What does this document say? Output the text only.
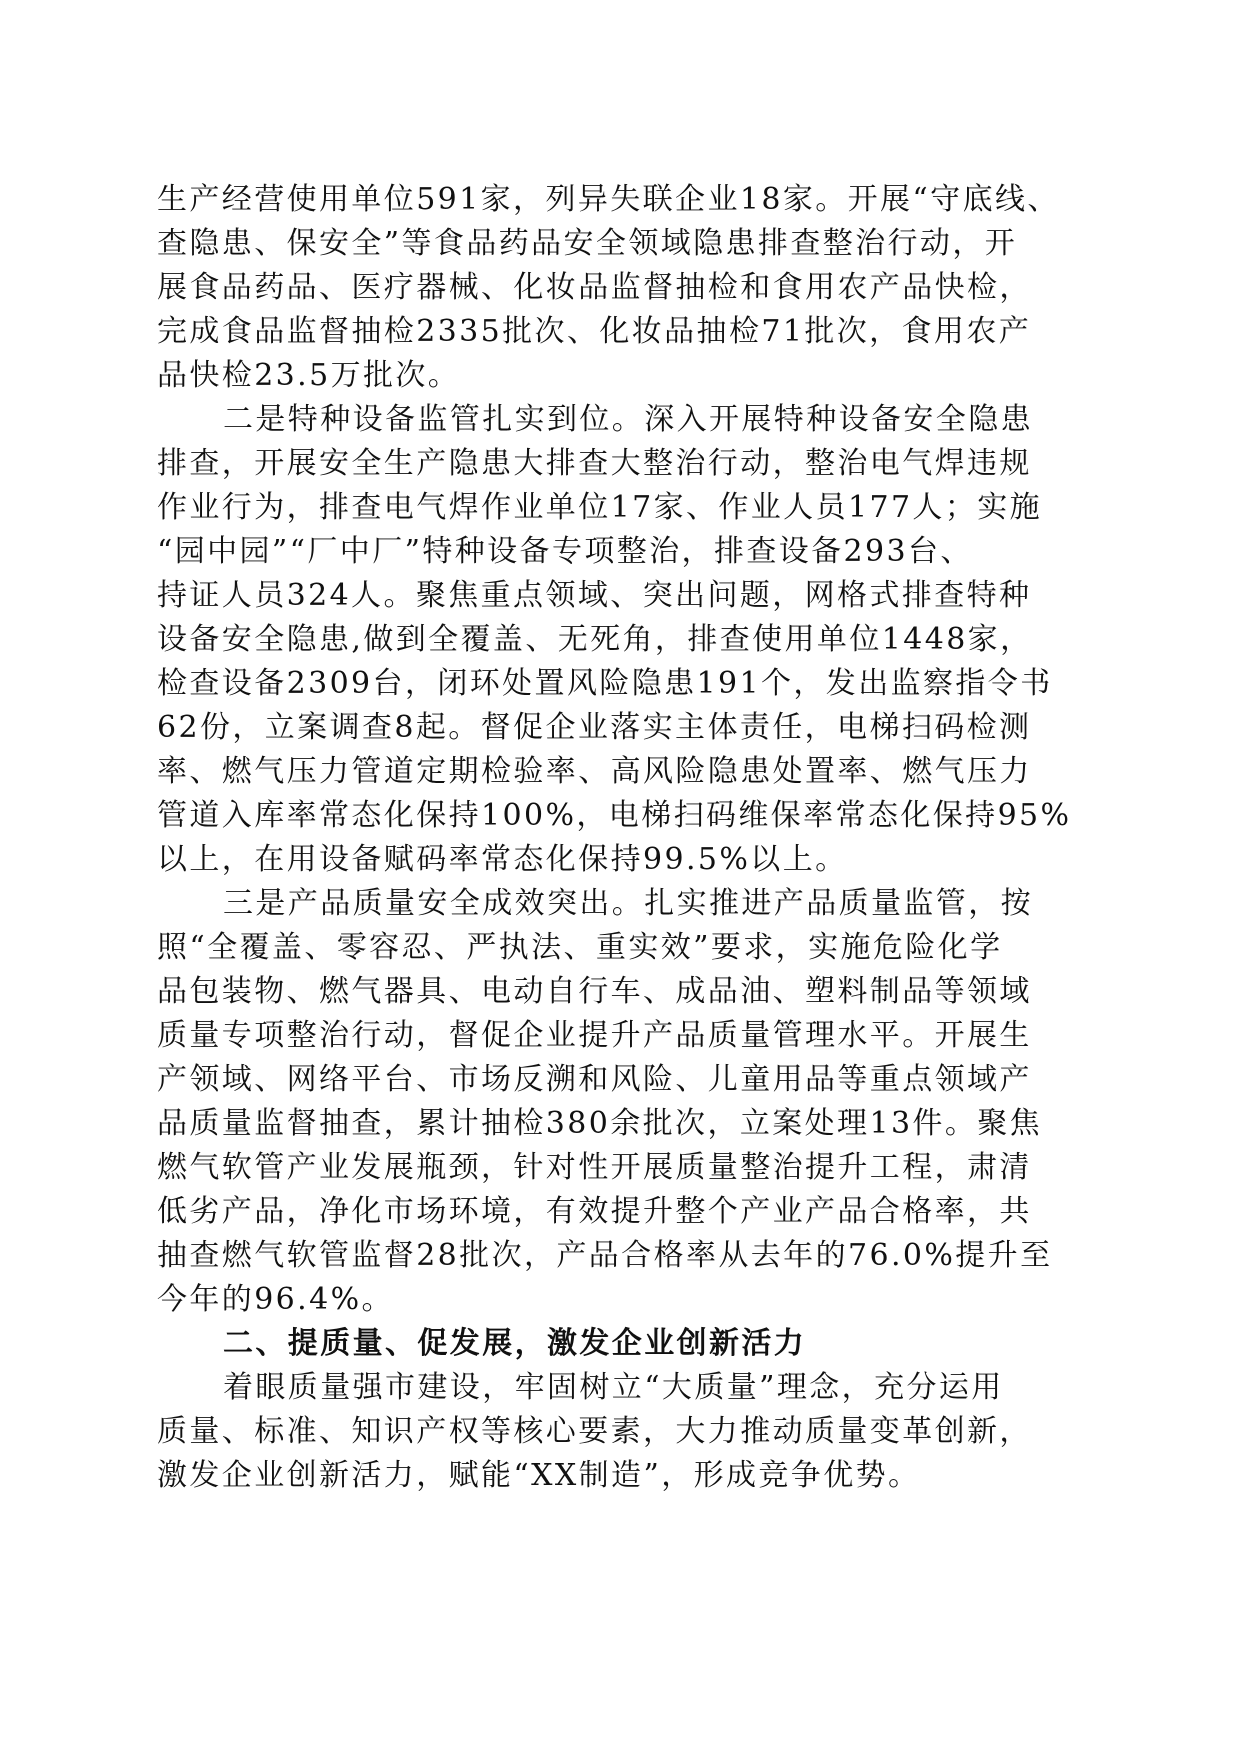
生产经营使用单位591家，列异失联企业18家。开展“守底线、
查隐患、保安全”等食品药品安全领域隐患排查整治行动，开
展食品药品、医疗器械、化妆品监督抽检和食用农产品快检，
完成食品监督抽检2335批次、化妆品抽检71批次，食用农产
品快检23.5万批次。
二是特种设备监管扎实到位。深入开展特种设备安全隐患
排查，开展安全生产隐患大排查大整治行动，整治电气焊违规
作业行为，排查电气焊作业单位17家、作业人员177人；实施
“园中园”“厂中厂”特种设备专项整治，排查设备293台、
持证人员324人。聚焦重点领域、突出问题，网格式排查特种
设备安全隐患,做到全覆盖、无死角，排查使用单位1448家，
检查设备2309台，闭环处置风险隐患191个，发出监察指令书
62份，立案调查8起。督促企业落实主体责任，电梯扫码检测
率、燃气压力管道定期检验率、高风险隐患处置率、燃气压力
管道入库率常态化保持100%，电梯扫码维保率常态化保持95%
以上，在用设备赋码率常态化保持99.5%以上。
三是产品质量安全成效突出。扎实推进产品质量监管，按
照“全覆盖、零容忍、严执法、重实效”要求，实施危险化学
品包装物、燃气器具、电动自行车、成品油、塑料制品等领域
质量专项整治行动，督促企业提升产品质量管理水平。开展生
产领域、网络平台、市场反溯和风险、儿童用品等重点领域产
品质量监督抽查，累计抽检380余批次，立案处理13件。聚焦
燃气软管产业发展瓶颈，针对性开展质量整治提升工程，肃清
低劣产品，净化市场环境，有效提升整个产业产品合格率，共
抽查燃气软管监督28批次，产品合格率从去年的76.0%提升至
今年的96.4%。
二、提质量、促发展，激发企业创新活力
着眼质量强市建设，牢固树立“大质量”理念，充分运用
质量、标准、知识产权等核心要素，大力推动质量变革创新，
激发企业创新活力，赋能“XX制造”，形成竞争优势。
